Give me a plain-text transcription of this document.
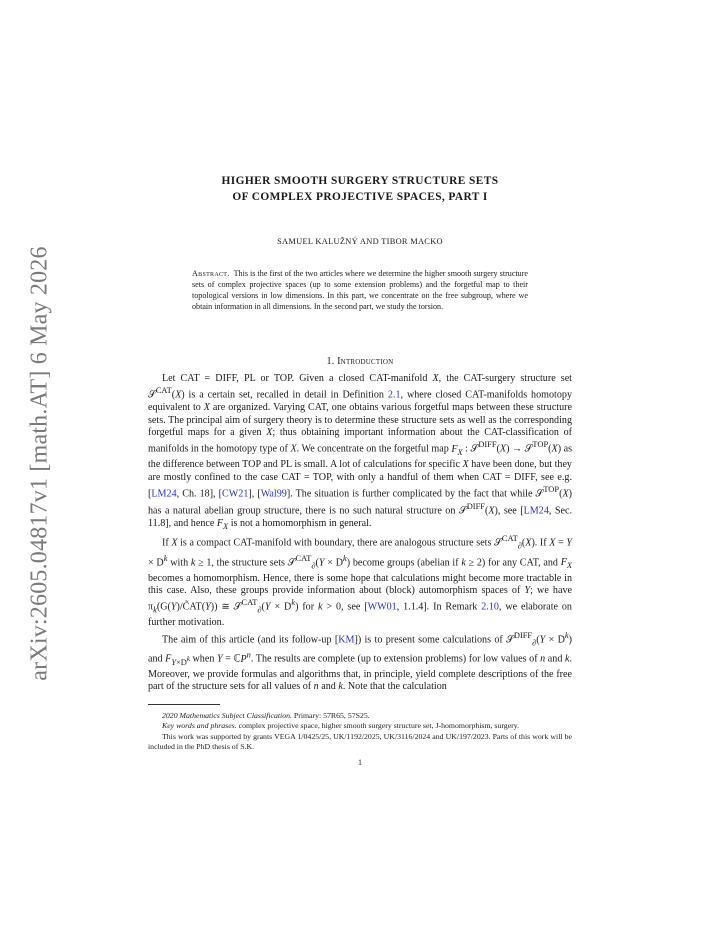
arXiv:2605.04817v1 [math.AT] 6 May 2026
HIGHER SMOOTH SURGERY STRUCTURE SETS
OF COMPLEX PROJECTIVE SPACES, PART I
SAMUEL KALUŽNÝ AND TIBOR MACKO
Abstract. This is the first of the two articles where we determine the higher smooth surgery structure sets of complex projective spaces (up to some extension problems) and the forgetful map to their topological versions in low dimensions. In this part, we concentrate on the free subgroup, where we obtain information in all dimensions. In the second part, we study the torsion.
1. Introduction

Let CAT = DIFF, PL or TOP. Given a closed CAT-manifold X, the CAT-surgery structure set 𝒮$^{CAT}$(X) is a certain set, recalled in detail in Definition 2.1, where closed CAT-manifolds homotopy equivalent to X are organized. Varying CAT, one obtains various forgetful maps between these structure sets. The principal aim of surgery theory is to determine these structure sets as well as the corresponding forgetful maps for a given X; thus obtaining important information about the CAT-classification of manifolds in the homotopy type of X. We concentrate on the forgetful map $F_X$ : 𝒮$^{DIFF}$(X) → 𝒮$^{TOP}$(X) as the difference between TOP and PL is small. A lot of calculations for specific X have been done, but they are mostly confined to the case CAT = TOP, with only a handful of them when CAT = DIFF, see e.g. [LM24, Ch. 18], [CW21], [Wal99]. The situation is further complicated by the fact that while 𝒮$^{TOP}$(X) has a natural abelian group structure, there is no such natural structure on 𝒮$^{DIFF}$(X), see [LM24, Sec. 11.8], and hence $F_X$ is not a homomorphism in general.

If X is a compact CAT-manifold with boundary, there are analogous structure sets 𝒮$^{CAT}_\partial$(X). If $X = Y \times D^k$ with k ≥ 1, the structure sets 𝒮$^{CAT}_\partial$(Y × $D^k$) become groups (abelian if k ≥ 2) for any CAT, and $F_X$ becomes a homomorphism. Hence, there is some hope that calculations might become more tractable in this case. Also, these groups provide information about (block) automorphism spaces of Y; we have $\pi_k(G(Y)/C̃AT(Y))$ ≅ 𝒮$^{CAT}_\partial$(Y × $D^k$) for k > 0, see [WW01, 1.1.4]. In Remark 2.10, we elaborate on further motivation.

The aim of this article (and its follow-up [KM]) is to present some calculations of 𝒮$^{DIFF}_\partial$(Y × $D^k$) and $F_{Y\times D^k}$ when Y = ℂP$^n$. The results are complete (up to extension problems) for low values of n and k. Moreover, we provide formulas and algorithms that, in principle, yield complete descriptions of the free part of the structure sets for all values of n and k. Note that the calculation

2020 Mathematics Subject Classification. Primary: 57R65, 57S25.

Key words and phrases. complex projective space, higher smooth surgery structure set, J-homomorphism, surgery.

This work was supported by grants VEGA 1/0425/25, UK/1192/2025, UK/3116/2024 and UK/197/2023. Parts of this work will be included in the PhD thesis of S.K.

1
